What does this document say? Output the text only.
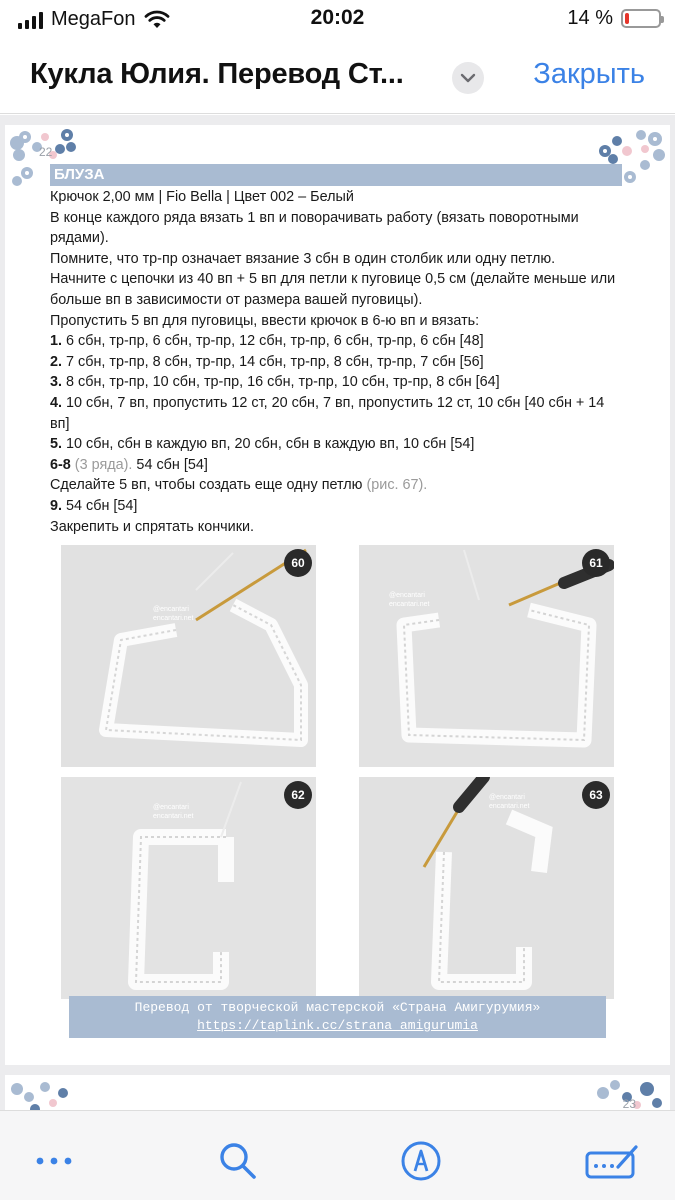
MegaFon	20:02	14 %
Кукла Юлия. Перевод Ст...	Закрыть
22
БЛУЗА

Крючок 2,00 мм | Fio Bella | Цвет 002 – Белый

В конце каждого ряда вязать 1 вп и поворачивать работу (вязать поворотными рядами).

Помните, что тр-пр означает вязание 3 сбн в один столбик или одну петлю.

Начните с цепочки из 40 вп + 5 вп для петли к пуговице 0,5 см (делайте меньше или больше вп в зависимости от размера вашей пуговицы).

Пропустить 5 вп для пуговицы, ввести крючок в 6-ю вп и вязать:

1. 6 сбн, тр-пр, 6 сбн, тр-пр, 12 сбн, тр-пр, 6 сбн, тр-пр, 6 сбн [48]

2. 7 сбн, тр-пр, 8 сбн, тр-пр, 14 сбн, тр-пр, 8 сбн, тр-пр, 7 сбн [56]

3. 8 сбн, тр-пр, 10 сбн, тр-пр, 16 сбн, тр-пр, 10 сбн, тр-пр, 8 сбн [64]

4. 10 сбн, 7 вп, пропустить 12 ст, 20 сбн, 7 вп, пропустить 12 ст, 10 сбн [40 сбн + 14 вп]

5. 10 сбн, сбн в каждую вп, 20 сбн, сбн в каждую вп, 10 сбн [54]

6-8 (3 ряда). 54 сбн [54]

Сделайте 5 вп, чтобы создать еще одну петлю (рис. 67).

9. 54 сбн [54]

Закрепить и спрятать кончики.

@encantari
encantari.net
60
@encantari
encantari.net
61
@encantari
encantari.net
62	@encantari
encantari.net
63
Перевод от творческой мастерской «Страна Амигурумия»
https://taplink.cc/strana_amigurumia
23
